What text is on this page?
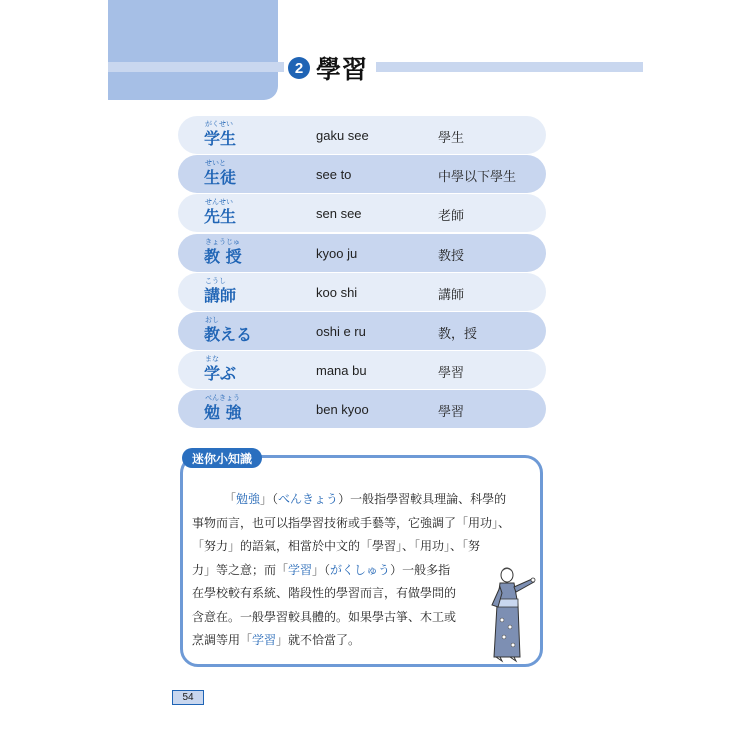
2 學習
がくせい
学生	gaku see	學生
せいと
生徒	see to	中學以下學生
せんせい
先生	sen see	老師
きょうじゅ
教 授	kyoo ju	教授
こうし
講師	koo shi	講師
おし
教える	oshi e ru	教，授
まな
学ぶ	mana bu	學習
べんきょう
勉 強	ben kyoo	學習
迷你小知識
「勉強」（べんきょう）一般指學習較具理論、科學的
事物而言，也可以指學習技術或手藝等，它強調了「用功」、
「努力」的語氣，相當於中文的「學習」、「用功」、「努
力」等之意；而「学習」（がくしゅう）一般多指
在學校較有系統、階段性的學習而言，有做學問的
含意在。一般學習較具體的。如果學古箏、木工或
烹調等用「学習」就不恰當了。
54
